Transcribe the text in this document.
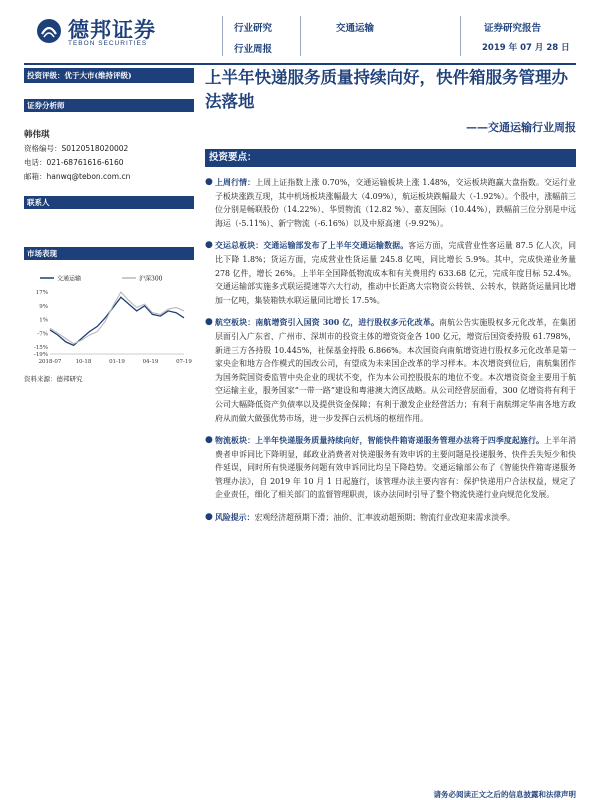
德邦证券
TEBON SECURITIES
行业研究
行业周报
交通运输	证券研究报告
2019 年 07 月 28 日
投资评级：优于大市(维持评级)
证券分析师
韩伟琪
资格编号：S0120518020002
电话：021-68761616-6160
邮箱：hanwq@tebon.com.cn
联系人
市场表现
交通运输	沪深300
17%
9%
1%
-7%
-15%
-19%
2018-07	10-18	01-19	04-19	07-19
资料来源：德邦研究
上半年快递服务质量持续向好，快件箱服务管理办法落地
——交通运输行业周报
投资要点：
● 上周行情：上周上证指数上涨 0.70%，交通运输板块上涨 1.48%，交运板块跑赢大盘指数。交运行业子板块涨跌互现，其中机场板块涨幅最大（4.09%），航运板块跌幅最大（-1.92%）。个股中，涨幅前三位分别是畅联股份（14.22%）、华贸物流（12.82 %）、嘉友国际（10.44%），跌幅前三位分别是中远海运（-5.11%）、新宁物流（-6.16%）以及中原高速（-9.92%）。
● 交运总板块：交通运输部发布了上半年交通运输数据。客运方面，完成营业性客运量 87.5 亿人次，同比下降 1.8%；货运方面，完成营业性货运量 245.8 亿吨，同比增长 5.9%。其中，完成快递业务量 278 亿件，增长 26%。上半年全国降低物流成本和有关费用约 633.68 亿元，完成年度目标 52.4%。交通运输部实施多式联运提速等六大行动，推动中长距离大宗物资公转铁、公转水，铁路货运量同比增加一亿吨，集装箱铁水联运量同比增长 17.5%。
● 航空板块：南航增资引入国资 300 亿，进行股权多元化改革。南航公告实施股权多元化改革，在集团层面引入广东省、广州市、深圳市的投资主体的增资资金各 100 亿元，增资后国资委持股 61.798%，新进三方各持股 10.445%，社保基金持股 6.866%。本次国资向南航增资进行股权多元化改革是第一家央企和地方合作模式的国改公司，有望成为未来国企改革的学习样本。本次增资到位后，南航集团作为国务院国资委监管中央企业的现状不变，作为本公司控股股东的地位不变。本次增资资金主要用于航空运输主业，服务国家“一带一路”建设和粤港澳大湾区战略。从公司经营层面看，300 亿增资将有利于公司大幅降低资产负债率以及提供资金保障；有利于激发企业经营活力；有利于南航绑定华南各地方政府从而做大做强优势市场，进一步发挥白云机场的枢纽作用。
● 物流板块：上半年快递服务质量持续向好，智能快件箱寄递服务管理办法将于四季度起施行。上半年消费者申诉同比下降明显，邮政业消费者对快递服务有效申诉的主要问题是投递服务、快件丢失短少和快件延误，同时所有快递服务问题有效申诉同比均呈下降趋势。交通运输部公布了《智能快件箱寄递服务管理办法》，自 2019 年 10 月 1 日起施行，该管理办法主要内容有：保护快递用户合法权益，规定了企业责任，细化了相关部门的监督管理职责，该办法同时引导了整个物流快递行业向规范化发展。
● 风险提示：宏观经济超预期下滑；油价、汇率波动超预期；物流行业改迎来需求淡季。
请务必阅读正文之后的信息披露和法律声明
